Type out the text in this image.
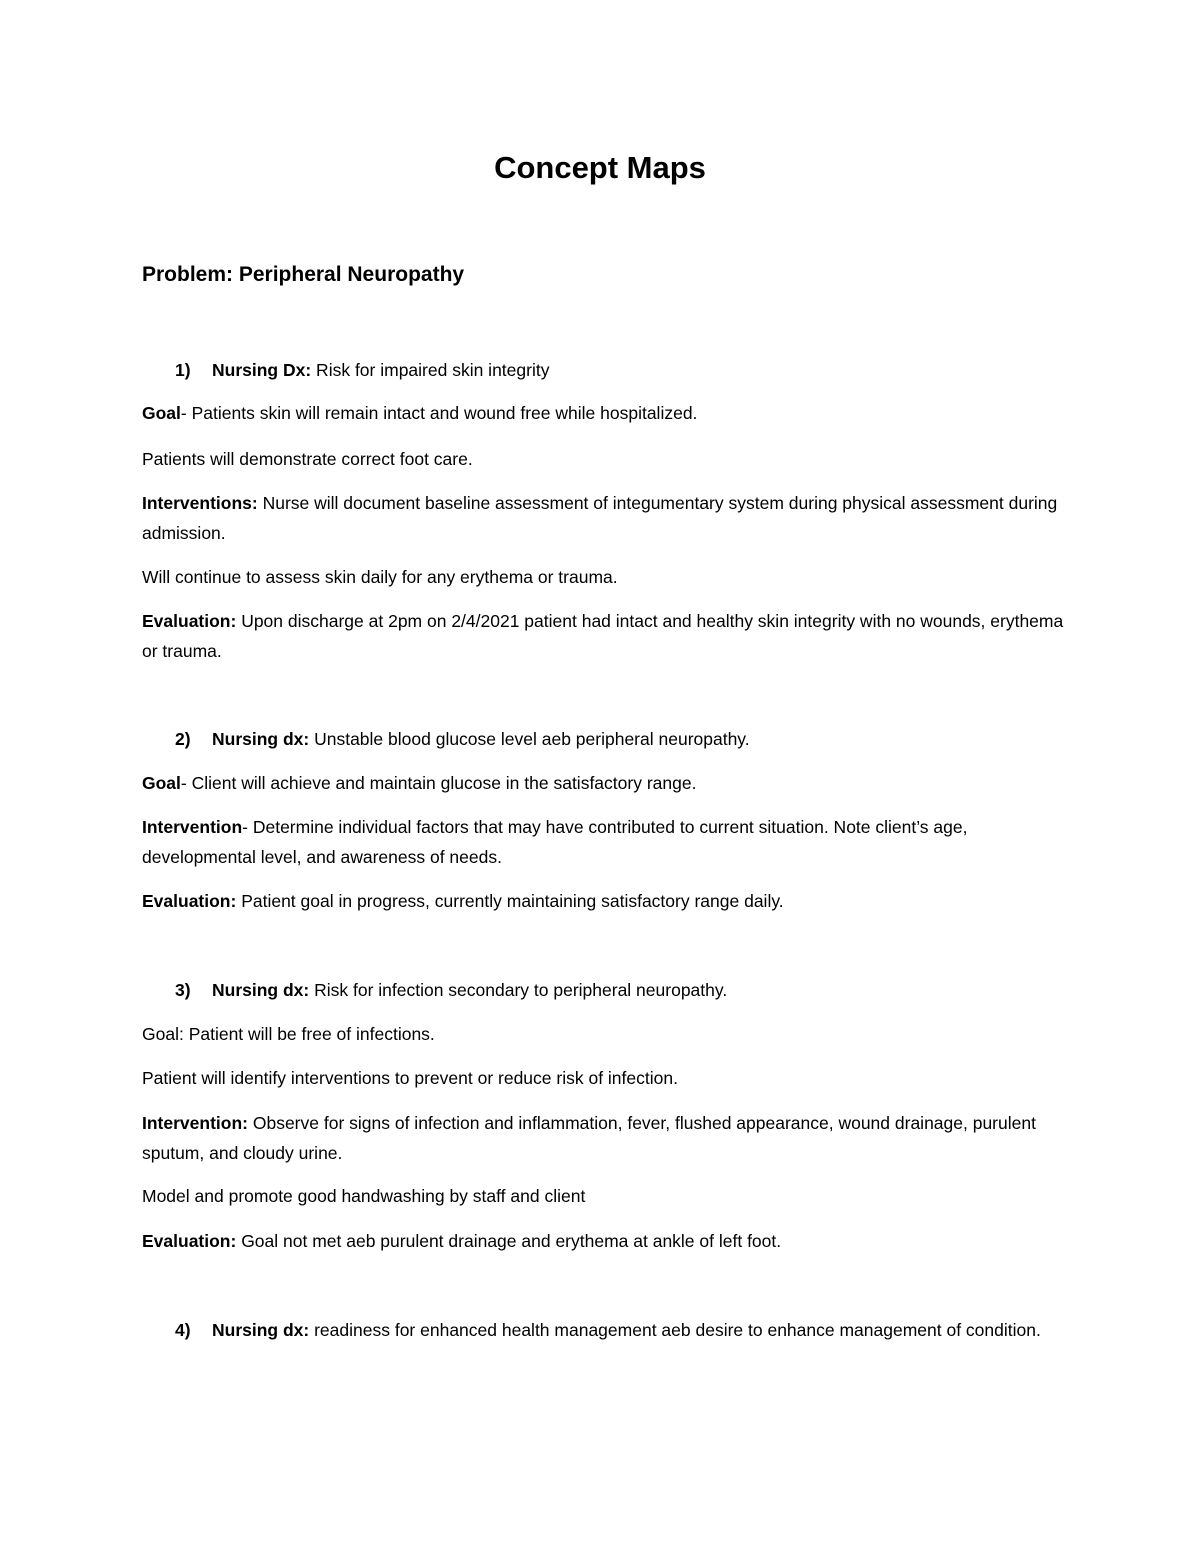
Concept Maps
Problem: Peripheral Neuropathy
1) Nursing Dx: Risk for impaired skin integrity
Goal- Patients skin will remain intact and wound free while hospitalized.
Patients will demonstrate correct foot care.
Interventions: Nurse will document baseline assessment of integumentary system during physical assessment during admission.
Will continue to assess skin daily for any erythema or trauma.
Evaluation: Upon discharge at 2pm on 2/4/2021 patient had intact and healthy skin integrity with no wounds, erythema or trauma.
2) Nursing dx: Unstable blood glucose level aeb peripheral neuropathy.
Goal- Client will achieve and maintain glucose in the satisfactory range.
Intervention- Determine individual factors that may have contributed to current situation. Note client’s age, developmental level, and awareness of needs.
Evaluation: Patient goal in progress, currently maintaining satisfactory range daily.
3) Nursing dx: Risk for infection secondary to peripheral neuropathy.
Goal: Patient will be free of infections.
Patient will identify interventions to prevent or reduce risk of infection.
Intervention: Observe for signs of infection and inflammation, fever, flushed appearance, wound drainage, purulent sputum, and cloudy urine.
Model and promote good handwashing by staff and client
Evaluation: Goal not met aeb purulent drainage and erythema at ankle of left foot.
4) Nursing dx: readiness for enhanced health management aeb desire to enhance management of condition.
